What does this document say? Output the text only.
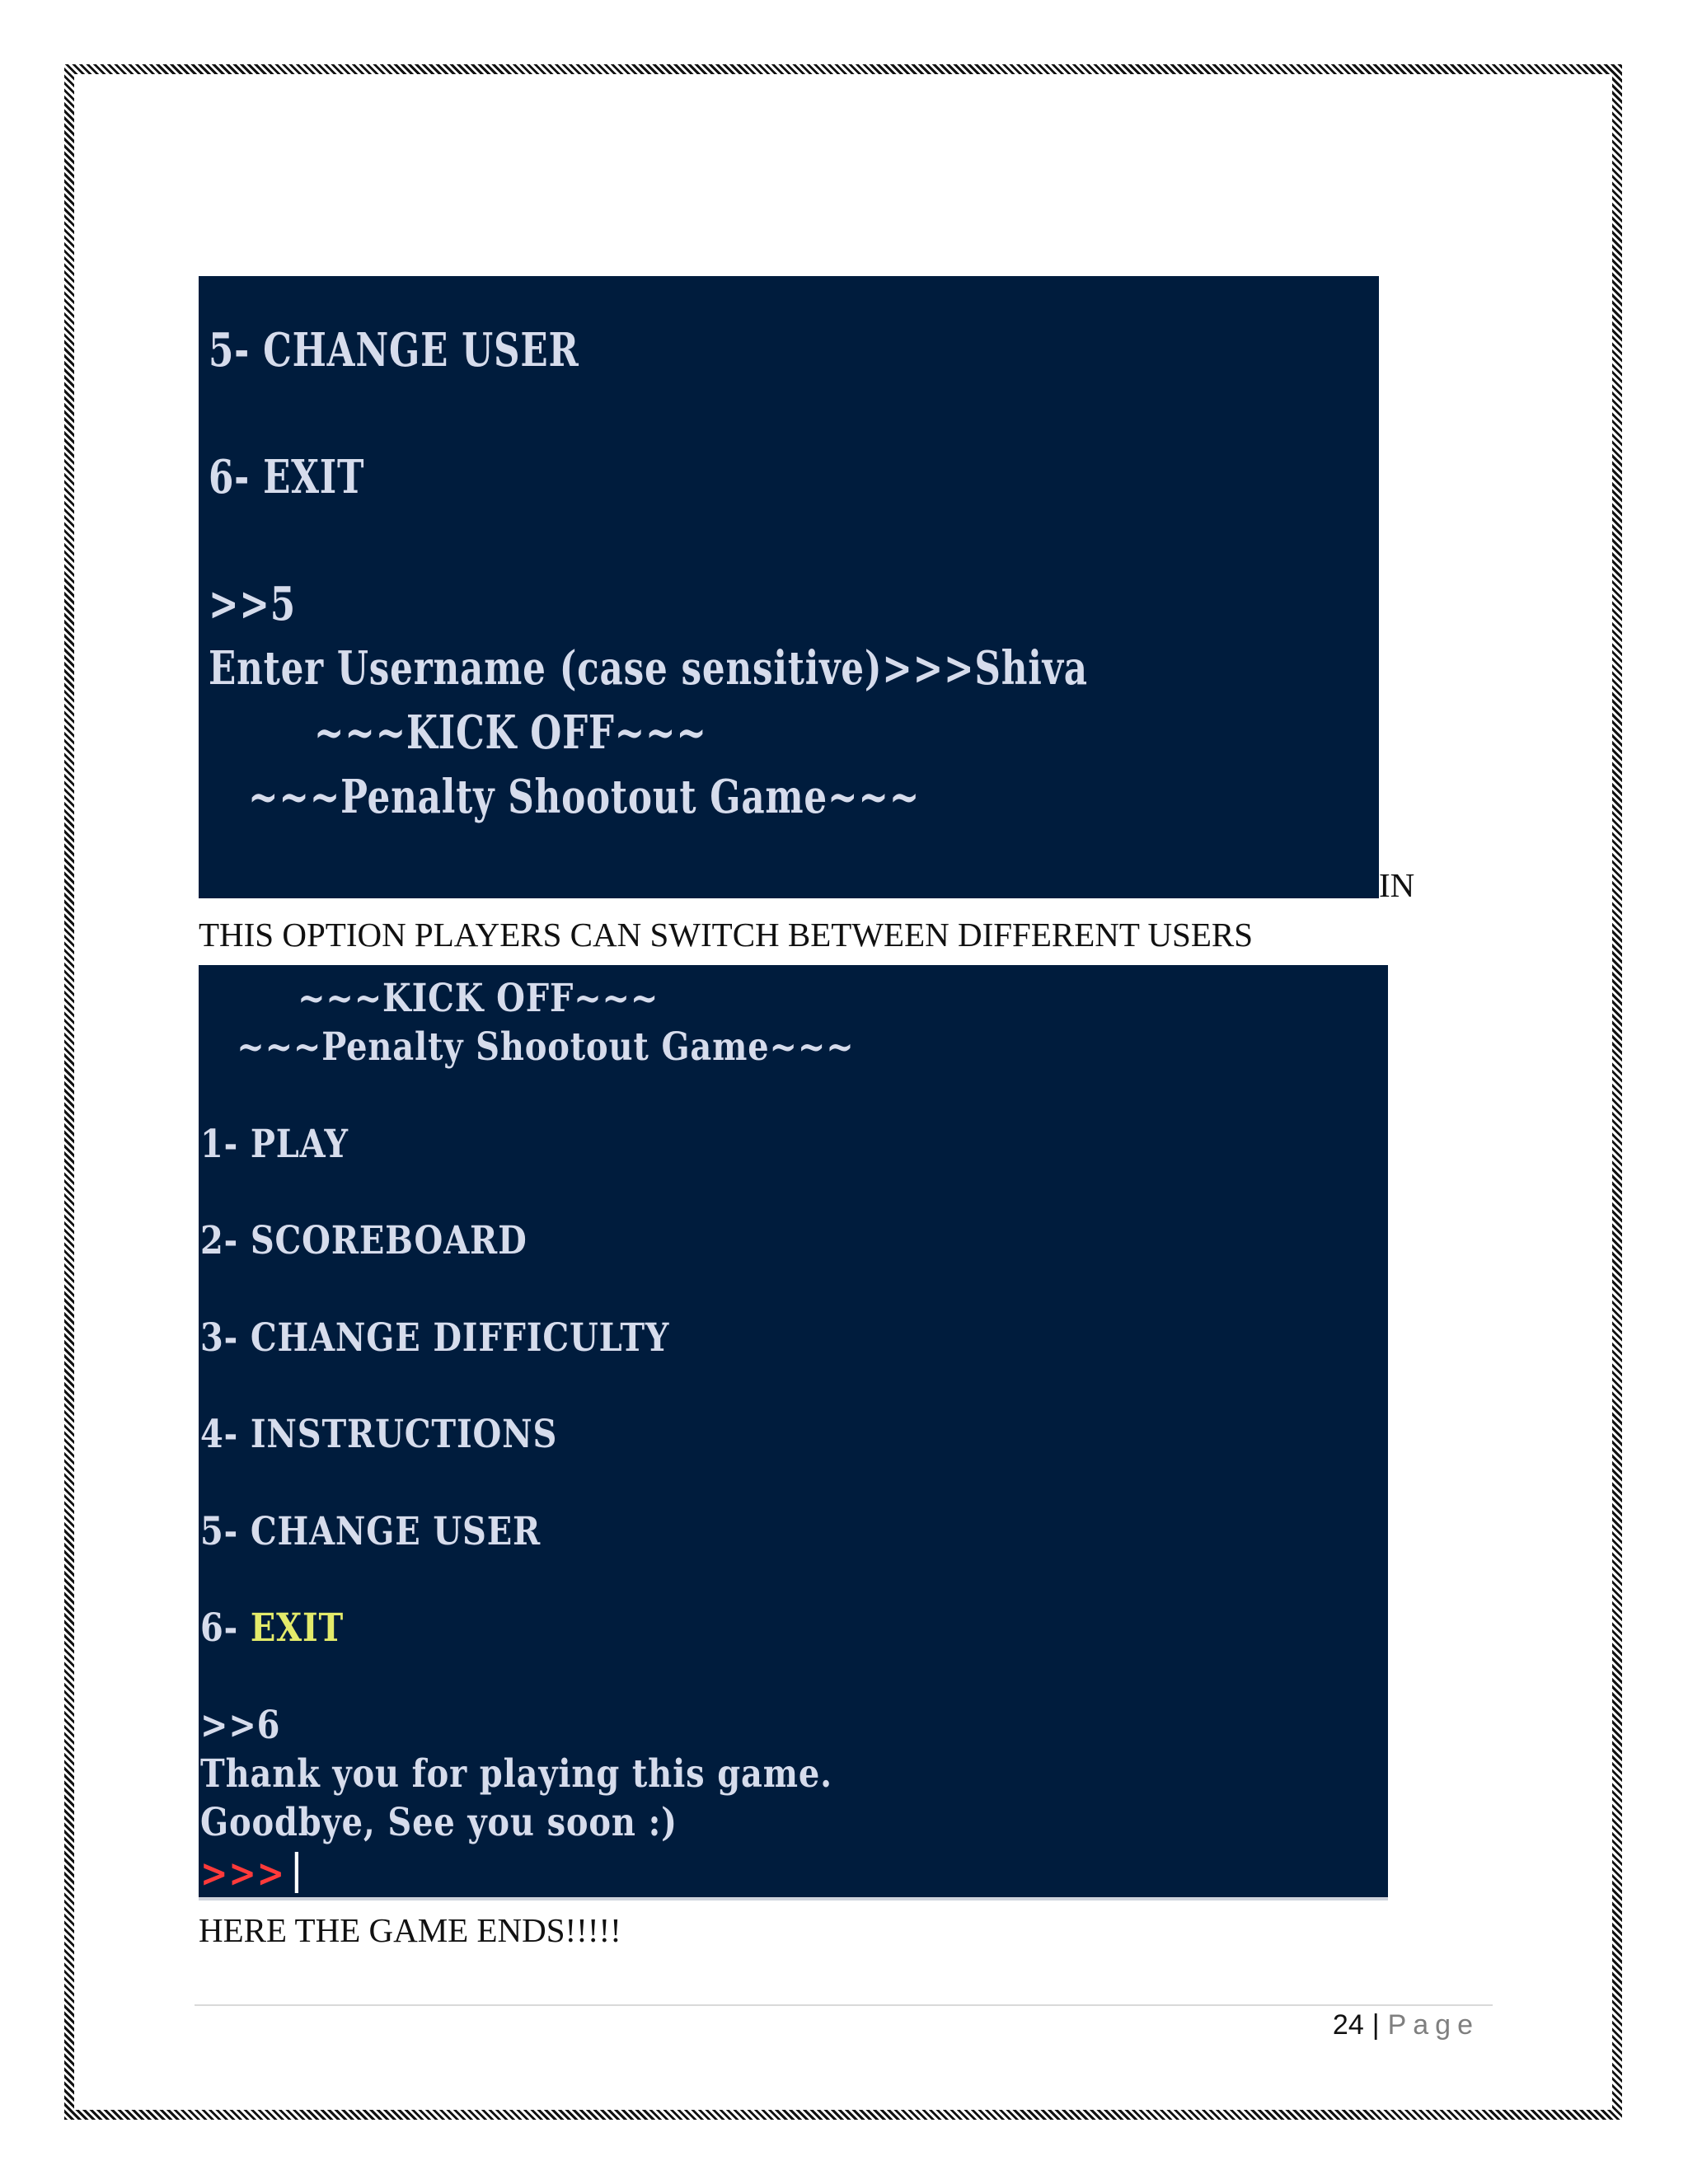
5- CHANGE USER
6- EXIT
>>5
Enter Username (case sensitive)>>>Shiva
~~~KICK OFF~~~
~~~Penalty Shootout Game~~~
IN
THIS OPTION PLAYERS CAN SWITCH BETWEEN DIFFERENT USERS
~~~KICK OFF~~~
~~~Penalty Shootout Game~~~
1- PLAY
2- SCOREBOARD
3- CHANGE DIFFICULTY
4- INSTRUCTIONS
5- CHANGE USER
6- EXIT
>>6
Thank you for playing this game.
Goodbye, See you soon :)
>>>
HERE THE GAME ENDS!!!!!
24 | Page
